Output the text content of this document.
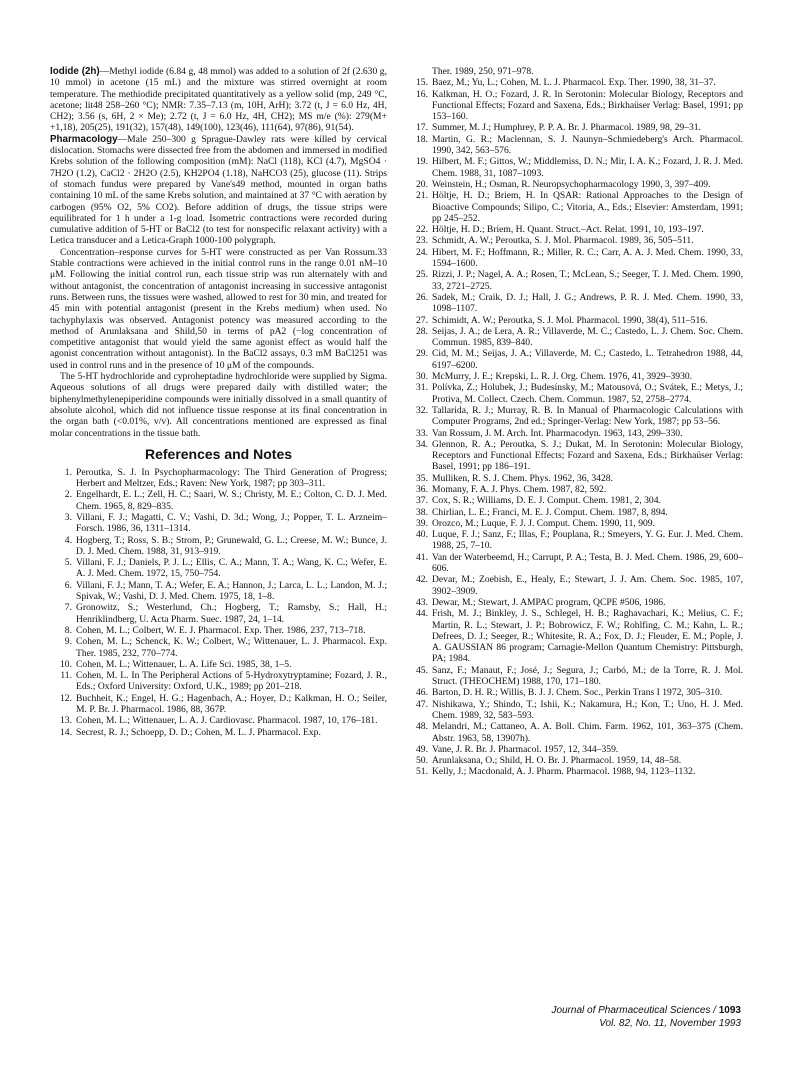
Iodide (2h)—Methyl iodide (6.84 g, 48 mmol) was added to a solution of 2f (2.630 g, 10 mmol) in acetone (15 mL) and the mixture was stirred overnight at room temperature. The methiodide precipitated quantitatively as a yellow solid (mp, 249 °C, acetone; lit48 258–260 °C); NMR: 7.35–7.13 (m, 10H, ArH); 3.72 (t, J = 6.0 Hz, 4H, CH2); 3.56 (s, 6H, 2 × Me); 2.72 (t, J = 6.0 Hz, 4H, CH2); MS m/e (%): 279(M+ +1,18), 205(25), 191(32), 157(48), 149(100), 123(46), 111(64), 97(86), 91(54).

Pharmacology—Male 250–300 g Sprague-Dawley rats were killed by cervical dislocation. Stomachs were dissected free from the abdomen and immersed in modified Krebs solution of the following composition (mM): NaCl (118), KCl (4.7), MgSO4 · 7H2O (1.2), CaCl2 · 2H2O (2.5), KH2PO4 (1.18), NaHCO3 (25), glucose (11). Strips of stomach fundus were prepared by Vane's49 method, mounted in organ baths containing 10 mL of the same Krebs solution, and maintained at 37 °C with aeration by carbogen (95% O2, 5% CO2). Before addition of drugs, the tissue strips were equilibrated for 1 h under a 1-g load. Isometric contractions were recorded during cumulative addition of 5-HT or BaCl2 (to test for nonspecific relaxant activity) with a Letica transducer and a Letica-Graph 1000-100 polygraph.

Concentration–response curves for 5-HT were constructed as per Van Rossum.33 Stable contractions were achieved in the initial control runs in the range 0.01 nM–10 μM. Following the initial control run, each tissue strip was run alternately with and without antagonist, the concentration of antagonist increasing in successive antagonist runs. Between runs, the tissues were washed, allowed to rest for 30 min, and treated for 45 min with potential antagonist (present in the Krebs medium) when used. No tachyphylaxis was observed. Antagonist potency was measured according to the method of Arunlaksana and Shild,50 in terms of pA2 (−log concentration of competitive antagonist that would yield the same agonist effect as would half the agonist concentration without antagonist). In the BaCl2 assays, 0.3 mM BaCl251 was used in control runs and in the presence of 10 μM of the compounds.

The 5-HT hydrochloride and cyproheptadine hydrochloride were supplied by Sigma. Aqueous solutions of all drugs were prepared daily with distilled water; the biphenylmethylenepiperidine compounds were initially dissolved in a small quantity of absolute alcohol, which did not influence tissue response at its final concentration in the organ bath (<0.01%, v/v). All concentrations mentioned are expressed as final molar concentrations in the tissue bath.

References and Notes
1. Peroutka, S. J. In Psychopharmacology: The Third Generation of Progress; Herbert and Meltzer, Eds.; Raven: New York, 1987; pp 303–311.
2. Engelhardt, E. L.; Zell, H. C.; Saari, W. S.; Christy, M. E.; Colton, C. D. J. Med. Chem. 1965, 8, 829–835.
3. Villani, F. J.; Magatti, C. V.; Vashi, D. 3d.; Wong, J.; Popper, T. L. Arzneim–Forsch. 1986, 36, 1311–1314.
4. Hogberg, T.; Ross, S. B.; Strom, P.; Grunewald, G. L.; Creese, M. W.; Bunce, J. D. J. Med. Chem. 1988, 31, 913–919.
5. Villani, F. J.; Daniels, P. J. L.; Ellis, C. A.; Mann, T. A.; Wang, K. C.; Wefer, E. A. J. Med. Chem. 1972, 15, 750–754.
6. Villani, F. J.; Mann, T. A.; Wefer, E. A.; Hannon, J.; Larca, L. L.; Landon, M. J.; Spivak, W.; Vashi, D. J. Med. Chem. 1975, 18, 1–8.
7. Gronowitz, S.; Westerlund, Ch.; Hogberg, T.; Ramsby, S.; Hall, H.; Henriklindberg, U. Acta Pharm. Suec. 1987, 24, 1–14.
8. Cohen, M. L.; Colbert, W. E. J. Pharmacol. Exp. Ther. 1986, 237, 713–718.
9. Cohen, M. L.; Schenck, K. W.; Colbert, W.; Wittenauer, L. J. Pharmacol. Exp. Ther. 1985, 232, 770–774.
10. Cohen, M. L.; Wittenauer, L. A. Life Sci. 1985, 38, 1–5.
11. Cohen, M. L. In The Peripheral Actions of 5-Hydroxytryptamine; Fozard, J. R., Eds.; Oxford University: Oxford, U.K., 1989; pp 201–218.
12. Buchheit, K.; Engel, H. G.; Hagenbach, A.; Hoyer, D.; Kalkman, H. O.; Seiler, M. P. Br. J. Pharmacol. 1986, 88, 367P.
13. Cohen, M. L.; Wittenauer, L. A. J. Cardiovasc. Pharmacol. 1987, 10, 176–181.
14. Secrest, R. J.; Schoepp, D. D.; Cohen, M. L. J. Pharmacol. Exp.
Ther. 1989, 250, 971–978.
15. Baez, M.; Yu, L.; Cohen, M. L. J. Pharmacol. Exp. Ther. 1990, 38, 31–37.
16. Kalkman, H. O.; Fozard, J. R. In Serotonin: Molecular Biology, Receptors and Functional Effects; Fozard and Saxena, Eds.; Birkhaüser Verlag: Basel, 1991; pp 153–160.
17. Summer, M. J.; Humphrey, P. P. A. Br. J. Pharmacol. 1989, 98, 29–31.
18. Martin, G. R.; Maclennan, S. J. Naunyn–Schmiedeberg's Arch. Pharmacol. 1990, 342, 563–576.
19. Hilbert, M. F.; Gittos, W.; Middlemiss, D. N.; Mir, I. A. K.; Fozard, J. R. J. Med. Chem. 1988, 31, 1087–1093.
20. Weinstein, H.; Osman, R. Neuropsychopharmacology 1990, 3, 397–409.
21. Höltje, H. D.; Briem, H. In QSAR: Rational Approaches to the Design of Bioactive Compounds; Silipo, C.; Vitoria, A., Eds.; Elsevier: Amsterdam, 1991; pp 245–252.
22. Höltje, H. D.; Briem, H. Quant. Struct.–Act. Relat. 1991, 10, 193–197.
23. Schmidt, A. W.; Peroutka, S. J. Mol. Pharmacol. 1989, 36, 505–511.
24. Hibert, M. F.; Hoffmann, R.; Miller, R. C.; Carr, A. A. J. Med. Chem. 1990, 33, 1594–1600.
25. Rizzi, J. P.; Nagel, A. A.; Rosen, T.; McLean, S.; Seeger, T. J. Med. Chem. 1990, 33, 2721–2725.
26. Sadek, M.; Craik, D. J.; Hall, J. G.; Andrews, P. R. J. Med. Chem. 1990, 33, 1098–1107.
27. Schimidt, A. W.; Peroutka, S. J. Mol. Pharmacol. 1990, 38(4), 511–516.
28. Seijas, J. A.; de Lera, A. R.; Villaverde, M. C.; Castedo, L. J. Chem. Soc. Chem. Commun. 1985, 839–840.
29. Cid, M. M.; Seijas, J. A.; Villaverde, M. C.; Castedo, L. Tetrahedron 1988, 44, 6197–6200.
30. McMurry, J. E.; Krepski, L. R. J. Org. Chem. 1976, 41, 3929–3930.
31. Polívka, Z.; Holubek, J.; Budesínsky, M.; Matousová, O.; Svátek, E.; Metys, J.; Protiva, M. Collect. Czech. Chem. Commun. 1987, 52, 2758–2774.
32. Tallarida, R. J.; Murray, R. B. In Manual of Pharmacologic Calculations with Computer Programs, 2nd ed.; Springer-Verlag: New York, 1987; pp 53–56.
33. Van Rossum, J. M. Arch. Int. Pharmacodyn. 1963, 143, 299–330.
34. Glennon, R. A.; Peroutka, S. J.; Dukat, M. In Serotonin: Molecular Biology, Receptors and Functional Effects; Fozard and Saxena, Eds.; Birkhaüser Verlag: Basel, 1991; pp 186–191.
35. Mulliken, R. S. J. Chem. Phys. 1962, 36, 3428.
36. Momany, F. A. J. Phys. Chem. 1987, 82, 592.
37. Cox, S. R.; Williams, D. E. J. Comput. Chem. 1981, 2, 304.
38. Chirlian, L. E.; Franci, M. E. J. Comput. Chem. 1987, 8, 894.
39. Orozco, M.; Luque, F. J. J. Comput. Chem. 1990, 11, 909.
40. Luque, F. J.; Sanz, F.; Illas, F.; Pouplana, R.; Smeyers, Y. G. Eur. J. Med. Chem. 1988, 25, 7–10.
41. Van der Waterbeemd, H.; Carrupt, P. A.; Testa, B. J. Med. Chem. 1986, 29, 600–606.
42. Devar, M.; Zoebish, E., Healy, E.; Stewart, J. J. Am. Chem. Soc. 1985, 107, 3902–3909.
43. Dewar, M.; Stewart, J. AMPAC program, QCPE #506, 1986.
44. Frish, M. J.; Binkley, J. S., Schlegel, H. B.; Raghavachari, K.; Melius, C. F.; Martin, R. L.; Stewart, J. P.; Bobrowicz, F. W.; Rohlfing, C. M.; Kahn, L. R.; Defrees, D. J.; Seeger, R.; Whitesite, R. A.; Fox, D. J.; Fleuder, E. M.; Pople, J. A. GAUSSIAN 86 program; Carnagie-Mellon Quantum Chemistry: Pittsburgh, PA; 1984.
45. Sanz, F.; Manaut, F.; José, J.; Segura, J.; Carbó, M.; de la Torre, R. J. Mol. Struct. (THEOCHEM) 1988, 170, 171–180.
46. Barton, D. H. R.; Willis, B. J. J. Chem. Soc., Perkin Trans I 1972, 305–310.
47. Nishikawa, Y.; Shindo, T.; Ishii, K.; Nakamura, H.; Kon, T.; Uno, H. J. Med. Chem. 1989, 32, 583–593.
48. Melandri, M.; Cattaneo, A. A. Boll. Chim. Farm. 1962, 101, 363–375 (Chem. Abstr. 1963, 58, 13907h).
49. Vane, J. R. Br. J. Pharmacol. 1957, 12, 344–359.
50. Arunlaksana, O.; Shild, H. O. Br. J. Pharmacol. 1959, 14, 48–58.
51. Kelly, J.; Macdonald, A. J. Pharm. Pharmacol. 1988, 94, 1123–1132.
Journal of Pharmaceutical Sciences / 1093
Vol. 82, No. 11, November 1993
